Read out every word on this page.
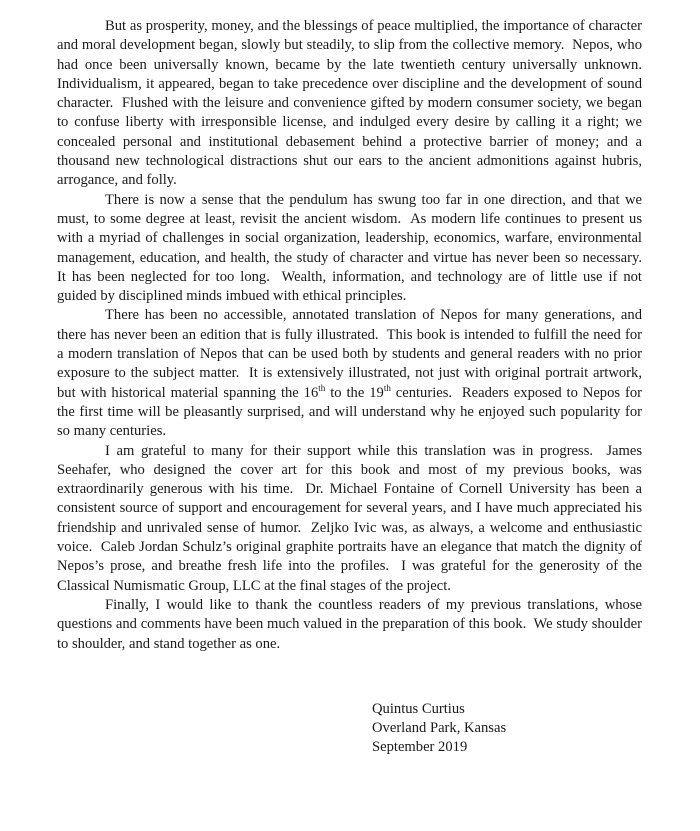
But as prosperity, money, and the blessings of peace multiplied, the importance of character and moral development began, slowly but steadily, to slip from the collective memory.  Nepos, who had once been universally known, became by the late twentieth century universally unknown.  Individualism, it appeared, began to take precedence over discipline and the development of sound character.  Flushed with the leisure and convenience gifted by modern consumer society, we began to confuse liberty with irresponsible license, and indulged every desire by calling it a right; we concealed personal and institutional debasement behind a protective barrier of money; and a thousand new technological distractions shut our ears to the ancient admonitions against hubris, arrogance, and folly.

There is now a sense that the pendulum has swung too far in one direction, and that we must, to some degree at least, revisit the ancient wisdom.  As modern life continues to present us with a myriad of challenges in social organization, leadership, economics, warfare, environmental management, education, and health, the study of character and virtue has never been so necessary.  It has been neglected for too long.  Wealth, information, and technology are of little use if not guided by disciplined minds imbued with ethical principles.

There has been no accessible, annotated translation of Nepos for many generations, and there has never been an edition that is fully illustrated.  This book is intended to fulfill the need for a modern translation of Nepos that can be used both by students and general readers with no prior exposure to the subject matter.  It is extensively illustrated, not just with original portrait artwork, but with historical material spanning the 16th to the 19th centuries.  Readers exposed to Nepos for the first time will be pleasantly surprised, and will understand why he enjoyed such popularity for so many centuries.

I am grateful to many for their support while this translation was in progress.  James Seehafer, who designed the cover art for this book and most of my previous books, was extraordinarily generous with his time.  Dr. Michael Fontaine of Cornell University has been a consistent source of support and encouragement for several years, and I have much appreciated his friendship and unrivaled sense of humor.  Zeljko Ivic was, as always, a welcome and enthusiastic voice.  Caleb Jordan Schulz’s original graphite portraits have an elegance that match the dignity of Nepos’s prose, and breathe fresh life into the profiles.  I was grateful for the generosity of the Classical Numismatic Group, LLC at the final stages of the project.

Finally, I would like to thank the countless readers of my previous translations, whose questions and comments have been much valued in the preparation of this book.  We study shoulder to shoulder, and stand together as one.

Quintus Curtius
Overland Park, Kansas
September 2019
